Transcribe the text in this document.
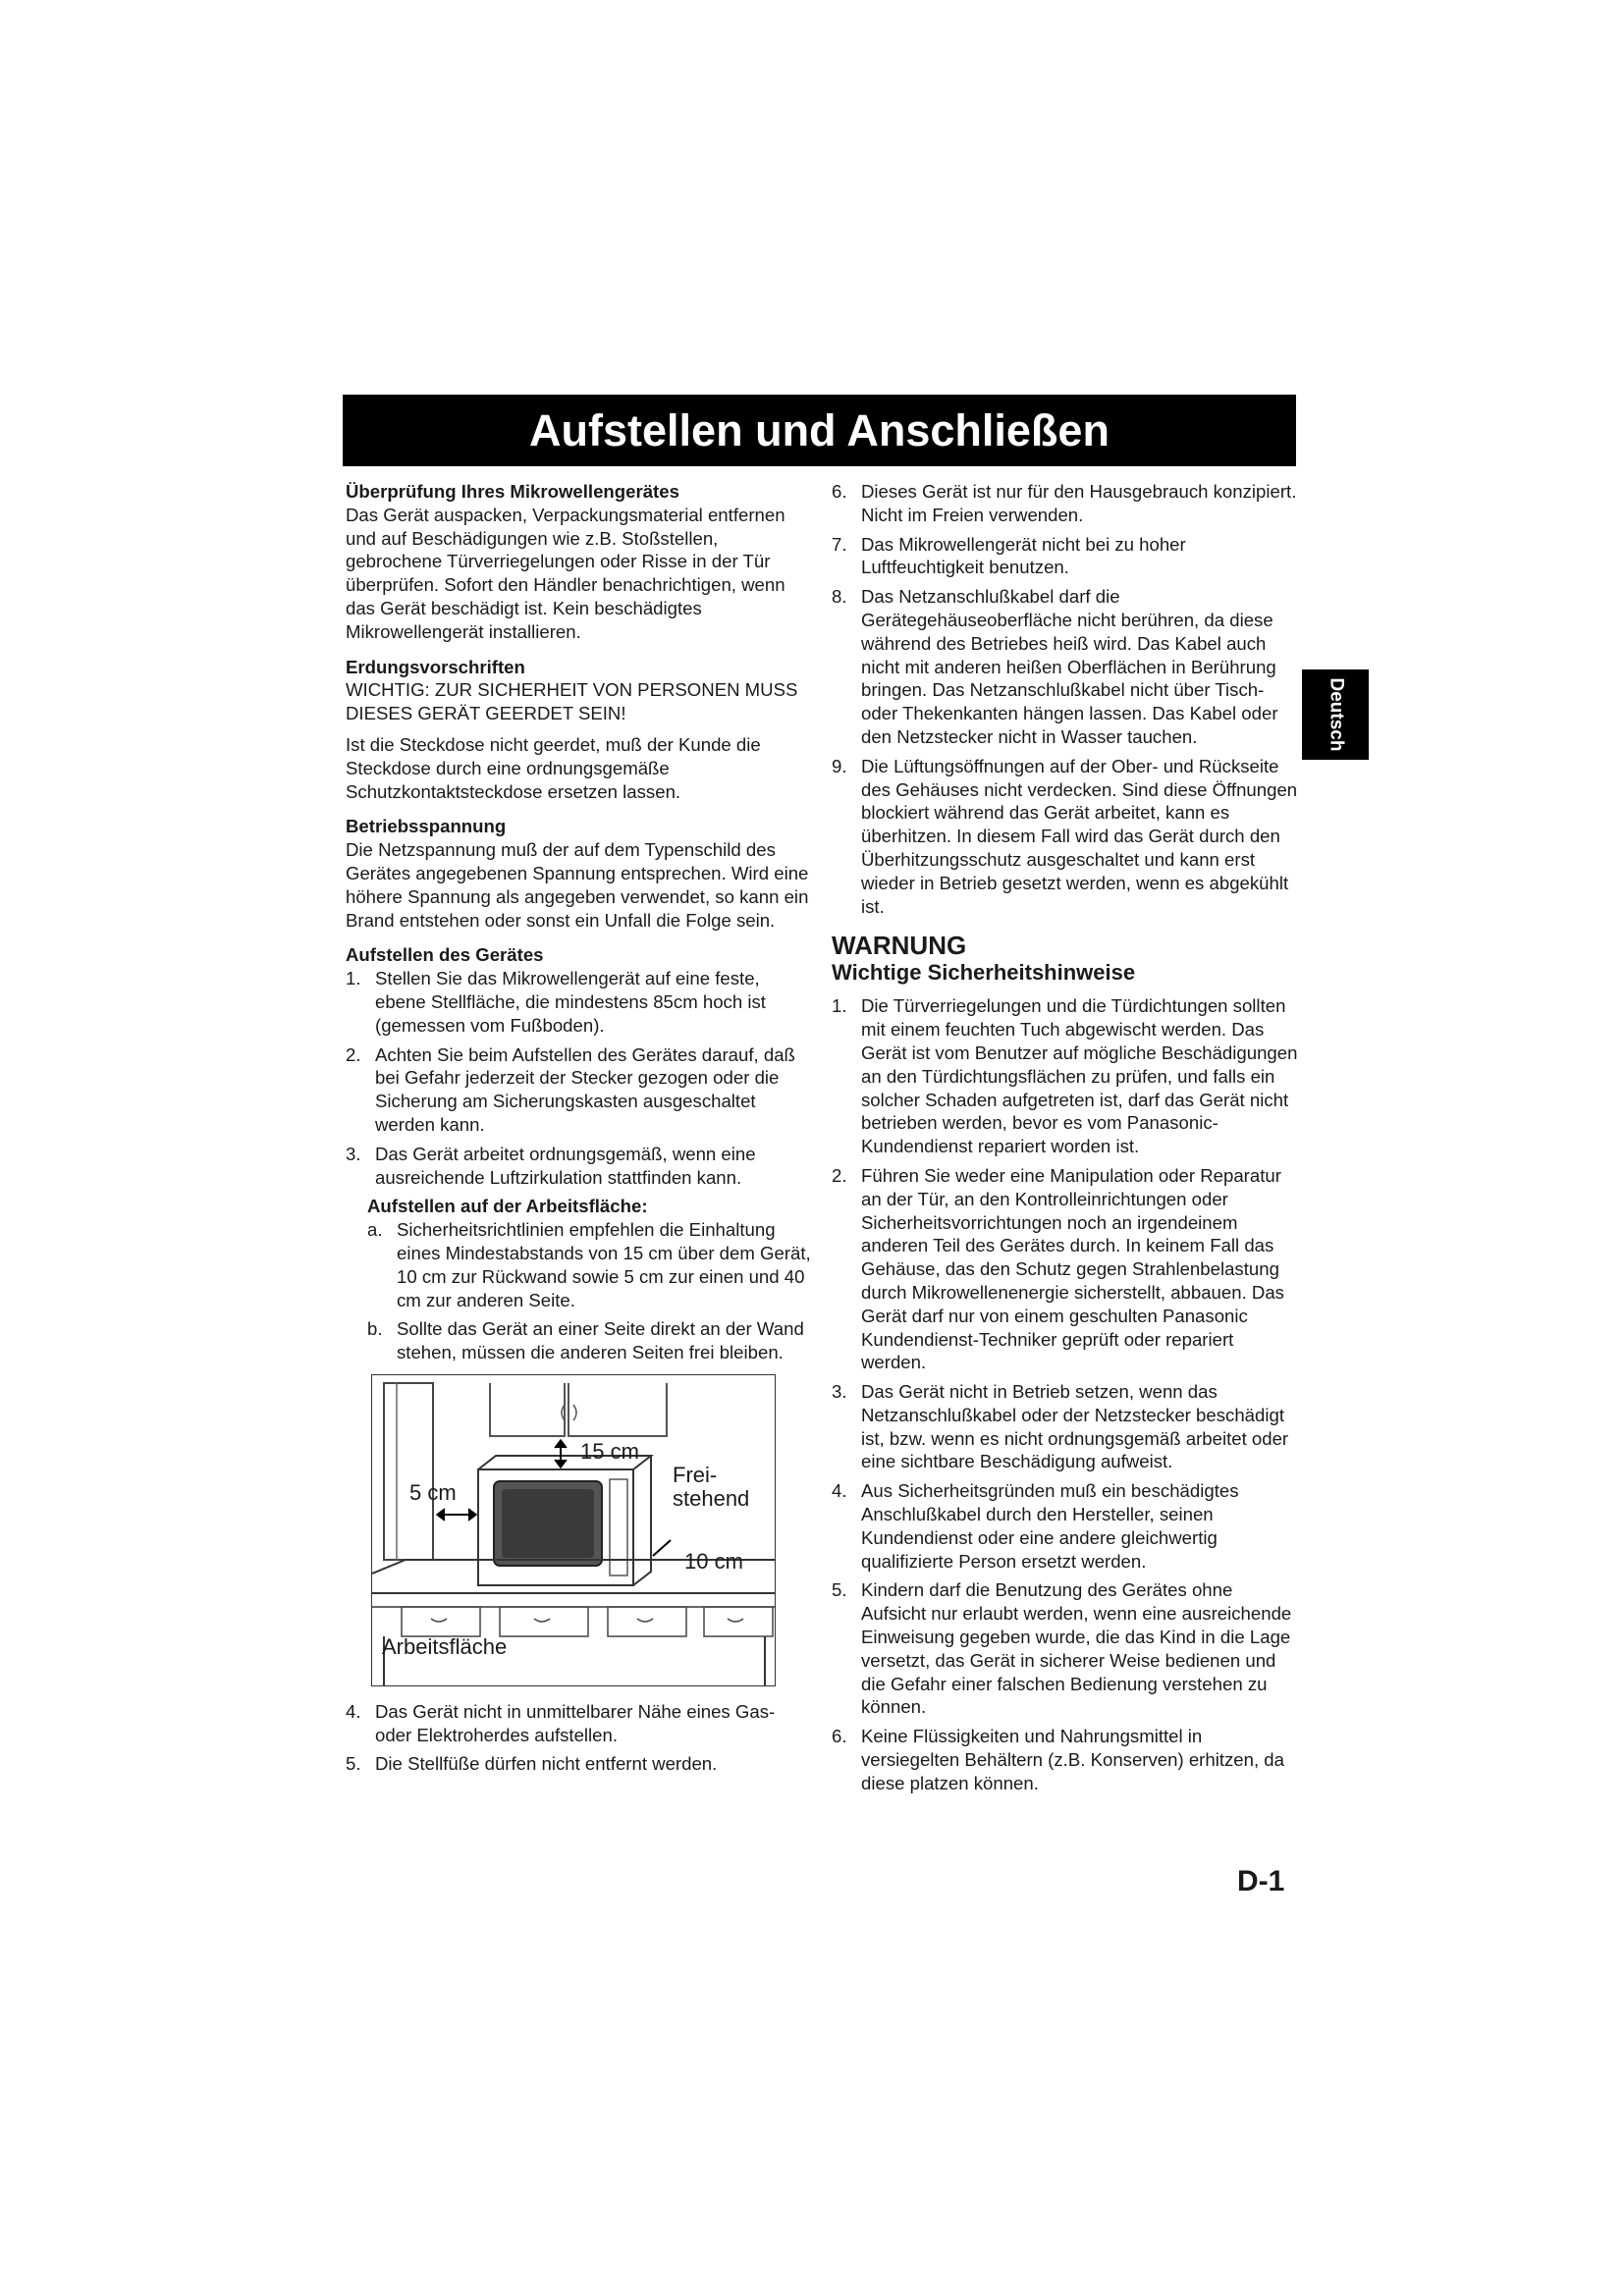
Aufstellen und Anschließen
Deutsch
Überprüfung Ihres Mikrowellengerätes

Das Gerät auspacken, Verpackungsmaterial entfernen und auf Beschädigungen wie z.B. Stoßstellen, gebrochene Türverriegelungen oder Risse in der Tür überprüfen. Sofort den Händler benachrichtigen, wenn das Gerät beschädigt ist. Kein beschädigtes Mikrowellengerät installieren.

Erdungsvorschriften

WICHTIG: ZUR SICHERHEIT VON PERSONEN MUSS DIESES GERÄT GEERDET SEIN!

Ist die Steckdose nicht geerdet, muß der Kunde die Steckdose durch eine ordnungsgemäße Schutzkontaktsteckdose ersetzen lassen.

Betriebsspannung

Die Netzspannung muß der auf dem Typenschild des Gerätes angegebenen Spannung entsprechen. Wird eine höhere Spannung als angegeben verwendet, so kann ein Brand entstehen oder sonst ein Unfall die Folge sein.

Aufstellen des Gerätes
1. Stellen Sie das Mikrowellengerät auf eine feste, ebene Stellfläche, die mindestens 85cm hoch ist (gemessen vom Fußboden).
2. Achten Sie beim Aufstellen des Gerätes darauf, daß bei Gefahr jederzeit der Stecker gezogen oder die Sicherung am Sicherungskasten ausgeschaltet werden kann.
3. Das Gerät arbeitet ordnungsgemäß, wenn eine ausreichende Luftzirkulation stattfinden kann.
Aufstellen auf der Arbeitsfläche:
a. Sicherheitsrichtlinien empfehlen die Einhaltung eines Mindestabstands von 15 cm über dem Gerät, 10 cm zur Rückwand sowie 5 cm zur einen und 40 cm zur anderen Seite.
b. Sollte das Gerät an einer Seite direkt an der Wand stehen, müssen die anderen Seiten frei bleiben.
15 cm
5 cm
Frei-
stehend
10 cm
Arbeitsfläche
4. Das Gerät nicht in unmittelbarer Nähe eines Gas- oder Elektroherdes aufstellen.
5. Die Stellfüße dürfen nicht entfernt werden.
6. Dieses Gerät ist nur für den Hausgebrauch konzipiert. Nicht im Freien verwenden.
7. Das Mikrowellengerät nicht bei zu hoher Luftfeuchtigkeit benutzen.
8. Das Netzanschlußkabel darf die Gerätegehäuseoberfläche nicht berühren, da diese während des Betriebes heiß wird. Das Kabel auch nicht mit anderen heißen Oberflächen in Berührung bringen. Das Netzanschlußkabel nicht über Tisch- oder Thekenkanten hängen lassen. Das Kabel oder den Netzstecker nicht in Wasser tauchen.
9. Die Lüftungsöffnungen auf der Ober- und Rückseite des Gehäuses nicht verdecken. Sind diese Öffnungen blockiert während das Gerät arbeitet, kann es überhitzen. In diesem Fall wird das Gerät durch den Überhitzungsschutz ausgeschaltet und kann erst wieder in Betrieb gesetzt werden, wenn es abgekühlt ist.
WARNUNG
Wichtige Sicherheitshinweise
1. Die Türverriegelungen und die Türdichtungen sollten mit einem feuchten Tuch abgewischt werden. Das Gerät ist vom Benutzer auf mögliche Beschädigungen an den Türdichtungsflächen zu prüfen, und falls ein solcher Schaden aufgetreten ist, darf das Gerät nicht betrieben werden, bevor es vom Panasonic-Kundendienst repariert worden ist.
2. Führen Sie weder eine Manipulation oder Reparatur an der Tür, an den Kontrolleinrichtungen oder Sicherheitsvorrichtungen noch an irgendeinem anderen Teil des Gerätes durch. In keinem Fall das Gehäuse, das den Schutz gegen Strahlenbelastung durch Mikrowellenenergie sicherstellt, abbauen. Das Gerät darf nur von einem geschulten Panasonic Kundendienst-Techniker geprüft oder repariert werden.
3. Das Gerät nicht in Betrieb setzen, wenn das Netzanschlußkabel oder der Netzstecker beschädigt ist, bzw. wenn es nicht ordnungsgemäß arbeitet oder eine sichtbare Beschädigung aufweist.
4. Aus Sicherheitsgründen muß ein beschädigtes Anschlußkabel durch den Hersteller, seinen Kundendienst oder eine andere gleichwertig qualifizierte Person ersetzt werden.
5. Kindern darf die Benutzung des Gerätes ohne Aufsicht nur erlaubt werden, wenn eine ausreichende Einweisung gegeben wurde, die das Kind in die Lage versetzt, das Gerät in sicherer Weise bedienen und die Gefahr einer falschen Bedienung verstehen zu können.
6. Keine Flüssigkeiten und Nahrungsmittel in versiegelten Behältern (z.B. Konserven) erhitzen, da diese platzen können.
D-1
